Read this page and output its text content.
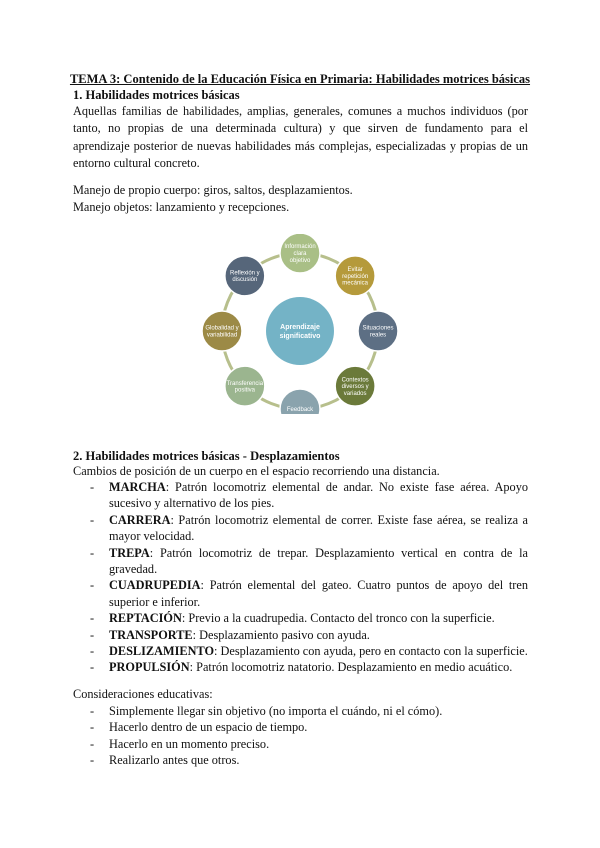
TEMA 3: Contenido de la Educación Física en Primaria: Habilidades motrices básicas
1. Habilidades motrices básicas
Aquellas familias de habilidades, amplias, generales, comunes a muchos individuos (por tanto, no propias de una determinada cultura) y que sirven de fundamento para el aprendizaje posterior de nuevas habilidades más complejas, especializadas y propias de un entorno cultural concreto.
Manejo de propio cuerpo: giros, saltos, desplazamientos.
Manejo objetos: lanzamiento y recepciones.
Aprendizaje
significativo
Información
clara
objetivo
Evitar
repetición
mecánica
Situaciones
reales
Contextos
diversos y
variados
Feedback
Transferencia
positiva
Globalidad y
variabilidad
Reflexión y
discusión
2. Habilidades motrices básicas - Desplazamientos
Cambios de posición de un cuerpo en el espacio recorriendo una distancia.
- MARCHA: Patrón locomotriz elemental de andar. No existe fase aérea. Apoyo sucesivo y alternativo de los pies.
- CARRERA: Patrón locomotriz elemental de correr. Existe fase aérea, se realiza a mayor velocidad.
- TREPA: Patrón locomotriz de trepar. Desplazamiento vertical en contra de la gravedad.
- CUADRUPEDIA: Patrón elemental del gateo. Cuatro puntos de apoyo del tren superior e inferior.
- REPTACIÓN: Previo a la cuadrupedia. Contacto del tronco con la superficie.
- TRANSPORTE: Desplazamiento pasivo con ayuda.
- DESLIZAMIENTO: Desplazamiento con ayuda, pero en contacto con la superficie.
- PROPULSIÓN: Patrón locomotriz natatorio. Desplazamiento en medio acuático.
Consideraciones educativas:
- Simplemente llegar sin objetivo (no importa el cuándo, ni el cómo).
- Hacerlo dentro de un espacio de tiempo.
- Hacerlo en un momento preciso.
- Realizarlo antes que otros.
